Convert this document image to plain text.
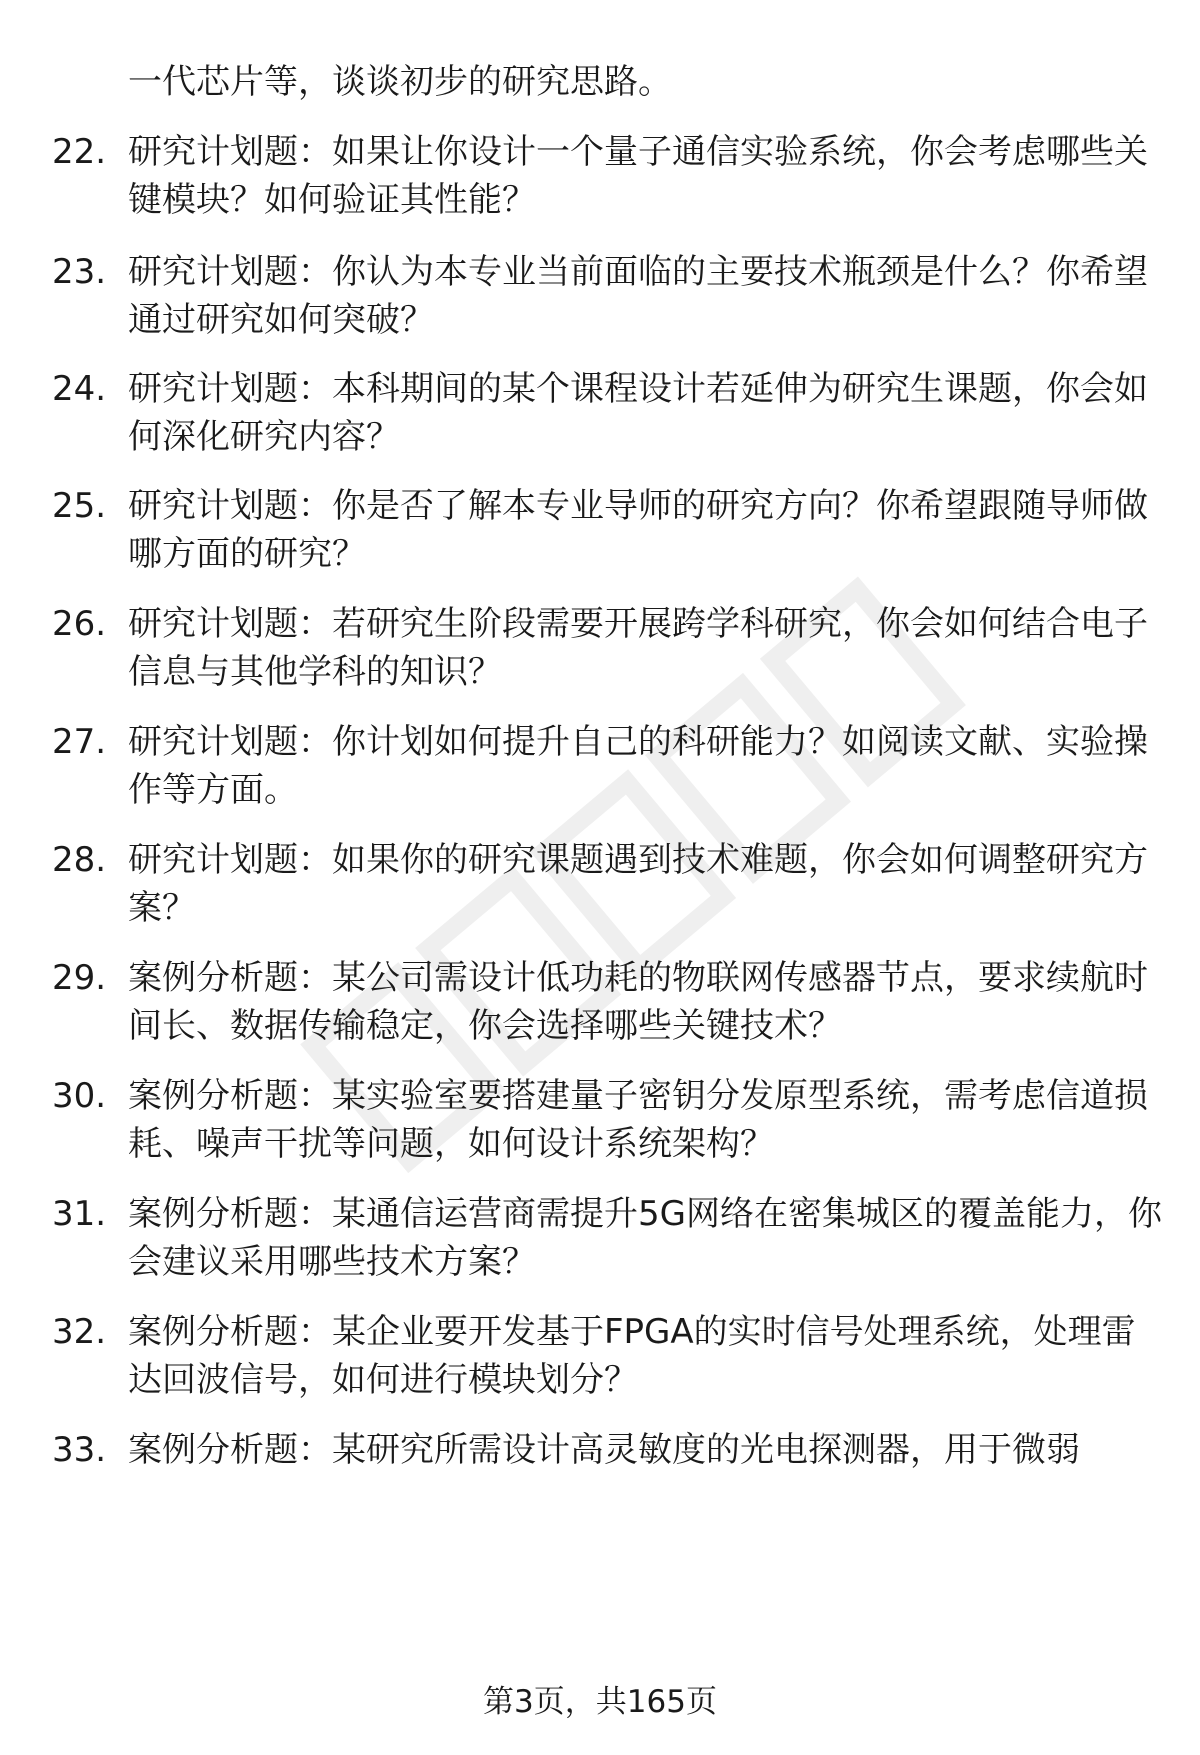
一代芯片等，谈谈初步的研究思路。
22. 研究计划题：如果让你设计一个量子通信实验系统，你会考虑哪些关键模块？如何验证其性能？
23. 研究计划题：你认为本专业当前面临的主要技术瓶颈是什么？你希望通过研究如何突破？
24. 研究计划题：本科期间的某个课程设计若延伸为研究生课题，你会如何深化研究内容？
25. 研究计划题：你是否了解本专业导师的研究方向？你希望跟随导师做哪方面的研究？
26. 研究计划题：若研究生阶段需要开展跨学科研究，你会如何结合电子信息与其他学科的知识？
27. 研究计划题：你计划如何提升自己的科研能力？如阅读文献、实验操作等方面。
28. 研究计划题：如果你的研究课题遇到技术难题，你会如何调整研究方案？
29. 案例分析题：某公司需设计低功耗的物联网传感器节点，要求续航时间长、数据传输稳定，你会选择哪些关键技术？
30. 案例分析题：某实验室要搭建量子密钥分发原型系统，需考虑信道损耗、噪声干扰等问题，如何设计系统架构？
31. 案例分析题：某通信运营商需提升5G网络在密集城区的覆盖能力，你会建议采用哪些技术方案？
32. 案例分析题：某企业要开发基于FPGA的实时信号处理系统，处理雷达回波信号，如何进行模块划分？
33. 案例分析题：某研究所需设计高灵敏度的光电探测器，用于微弱
第3页，共165页
